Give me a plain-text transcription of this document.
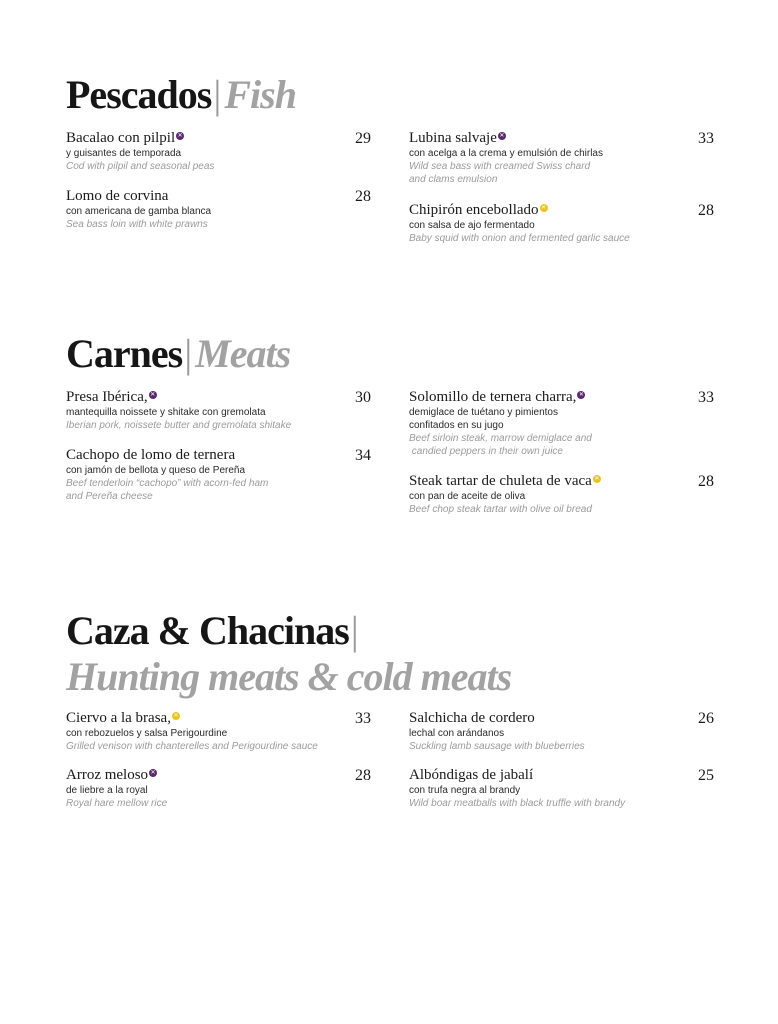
Pescados| Fish
Bacalao con pilpil ✕	29
y guisantes de temporada
Cod with pilpil and seasonal peas
Lomo de corvina	28
con americana de gamba blanca
Sea bass loin with white prawns
Lubina salvaje ✕	33
con acelga a la crema y emulsión de chirlas
Wild sea bass with creamed Swiss chard
and clams emulsion
Chipirón encebollado ✕	28
con salsa de ajo fermentado
Baby squid with onion and fermented garlic sauce
Carnes| Meats
Presa Ibérica, ✕	30
mantequilla noissete y shitake con gremolata
Iberian pork, noissete butter and gremolata shitake
Cachopo de lomo de ternera	34
con jamón de bellota y queso de Pereña
Beef tenderloin “cachopo” with acorn-fed ham
and Pereña cheese
Solomillo de ternera charra, ✕	33
demiglace de tuétano y pimientos
confitados en su jugo
Beef sirloin steak, marrow demiglace and
candied peppers in their own juice
Steak tartar de chuleta de vaca ✕	28
con pan de aceite de oliva
Beef chop steak tartar with olive oil bread
Caza & Chacinas|
Hunting meats & cold meats
Ciervo a la brasa, ✕	33
con rebozuelos y salsa Perigourdine
Grilled venison with chanterelles and Perigourdine sauce
Arroz meloso ✕	28
de liebre a la royal
Royal hare mellow rice
Salchicha de cordero	26
lechal con arándanos
Suckling lamb sausage with blueberries
Albóndigas de jabalí	25
con trufa negra al brandy
Wild boar meatballs with black truffle with brandy
